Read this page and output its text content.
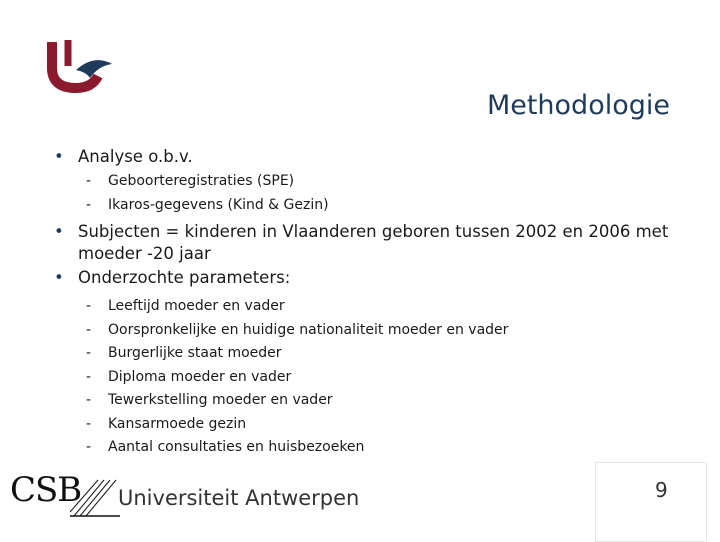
Methodologie
• Analyse o.b.v.
- Geboorteregistraties (SPE)
- Ikaros-gegevens (Kind & Gezin)
• Subjecten = kinderen in Vlaanderen geboren tussen 2002 en 2006 met moeder -20 jaar
• Onderzochte parameters:
- Leeftijd moeder en vader
- Oorspronkelijke en huidige nationaliteit moeder en vader
- Burgerlijke staat moeder
- Diploma moeder en vader
- Tewerkstelling moeder en vader
- Kansarmoede gezin
- Aantal consultaties en huisbezoeken
CSB Universiteit Antwerpen	9
